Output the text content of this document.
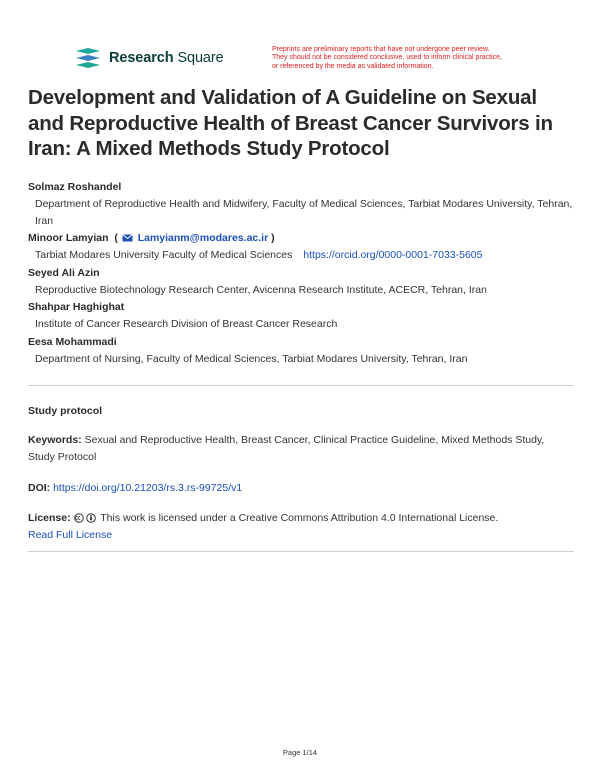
Research Square
Preprints are preliminary reports that have not undergone peer review.
They should not be considered conclusive, used to inform clinical practice,
or referenced by the media as validated information.
Development and Validation of A Guideline on Sexual and Reproductive Health of Breast Cancer Survivors in Iran: A Mixed Methods Study Protocol
Solmaz Roshandel
Department of Reproductive Health and Midwifery, Faculty of Medical Sciences, Tarbiat Modares University, Tehran, Iran
Minoor Lamyian  ( Lamyianm@modares.ac.ir )
Tarbiat Modares University Faculty of Medical Sciences https://orcid.org/0000-0001-7033-5605
Seyed Ali Azin
Reproductive Biotechnology Research Center, Avicenna Research Institute, ACECR, Tehran, Iran
Shahpar Haghighat
Institute of Cancer Research Division of Breast Cancer Research
Eesa Mohammadi
Department of Nursing, Faculty of Medical Sciences, Tarbiat Modares University, Tehran, Iran
Study protocol

Keywords: Sexual and Reproductive Health, Breast Cancer, Clinical Practice Guideline, Mixed Methods Study, Study Protocol

DOI: https://doi.org/10.21203/rs.3.rs-99725/v1

License:	This work is licensed under a Creative Commons Attribution 4.0 International License.
Read Full License

Page 1/14
